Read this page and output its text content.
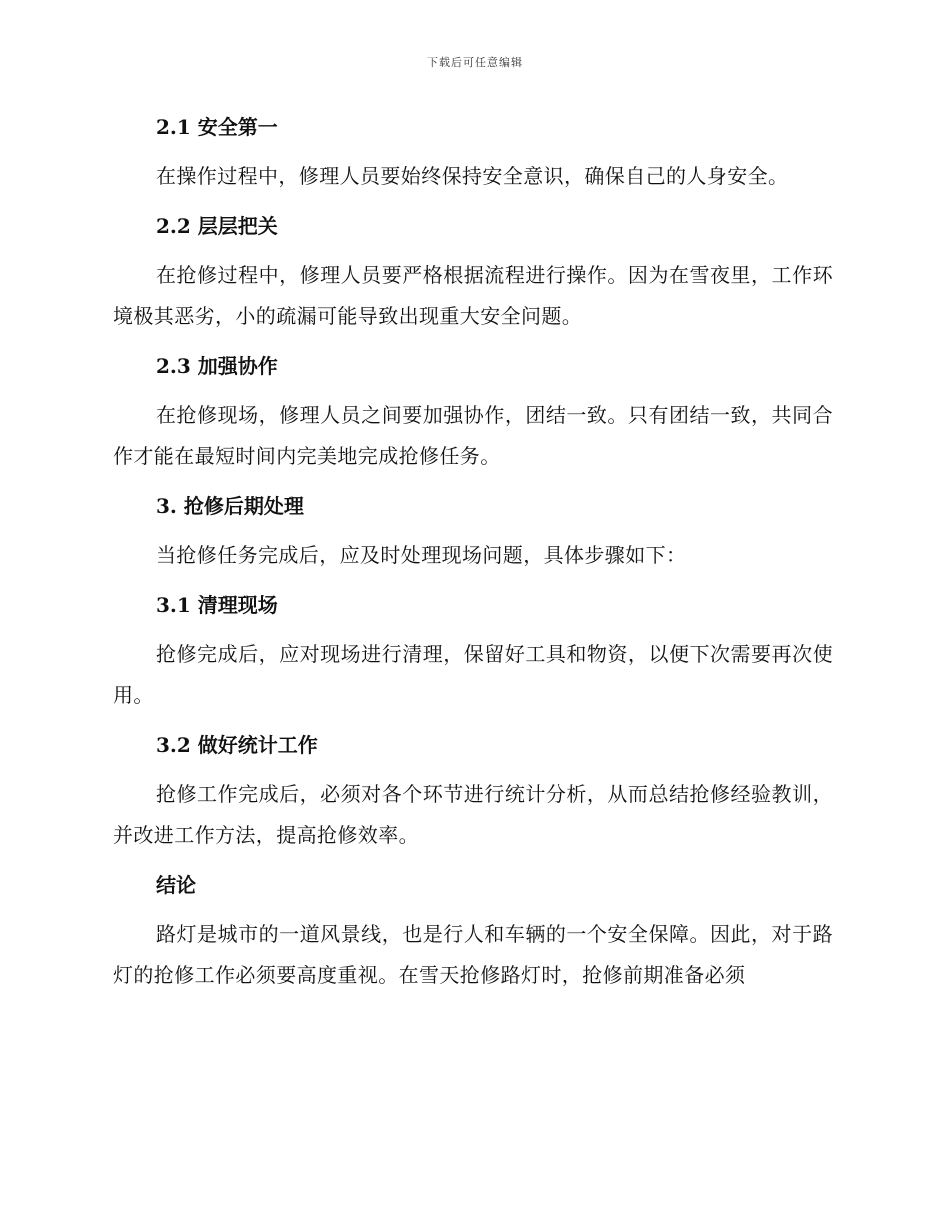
下载后可任意编辑
2.1 安全第一

在操作过程中，修理人员要始终保持安全意识，确保自己的人身安全。

2.2 层层把关

在抢修过程中，修理人员要严格根据流程进行操作。因为在雪夜里，工作环境极其恶劣，小的疏漏可能导致出现重大安全问题。

2.3 加强协作

在抢修现场，修理人员之间要加强协作，团结一致。只有团结一致，共同合作才能在最短时间内完美地完成抢修任务。

3. 抢修后期处理

当抢修任务完成后，应及时处理现场问题，具体步骤如下：

3.1 清理现场

抢修完成后，应对现场进行清理，保留好工具和物资，以便下次需要再次使用。

3.2 做好统计工作

抢修工作完成后，必须对各个环节进行统计分析，从而总结抢修经验教训，并改进工作方法，提高抢修效率。

结论

路灯是城市的一道风景线，也是行人和车辆的一个安全保障。因此，对于路灯的抢修工作必须要高度重视。在雪天抢修路灯时，抢修前期准备必须
